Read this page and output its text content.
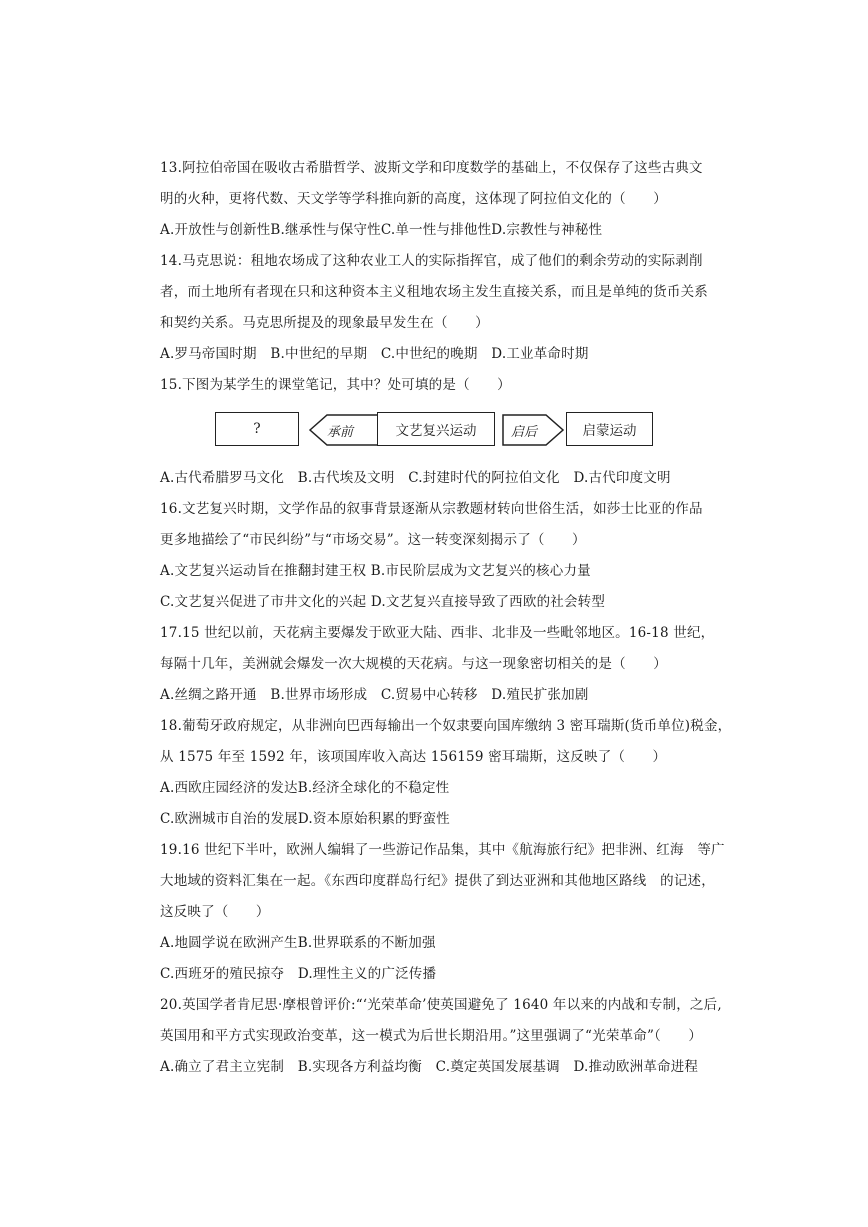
13.阿拉伯帝国在吸收古希腊哲学、波斯文学和印度数学的基础上，不仅保存了这些古典文
明的火种，更将代数、天文学等学科推向新的高度，这体现了阿拉伯文化的（　　）
A.开放性与创新性B.继承性与保守性C.单一性与排他性D.宗教性与神秘性
14.马克思说：租地农场成了这种农业工人的实际指挥官，成了他们的剩余劳动的实际剥削
者，而土地所有者现在只和这种资本主义租地农场主发生直接关系，而且是单纯的货币关系
和契约关系。马克思所提及的现象最早发生在（　　）
A.罗马帝国时期　B.中世纪的早期　C.中世纪的晚期　D.工业革命时期
15.下图为某学生的课堂笔记，其中？处可填的是（　　）
?	承前	文艺复兴运动	启后	启蒙运动
A.古代希腊罗马文化　B.古代埃及文明　C.封建时代的阿拉伯文化　D.古代印度文明
16.文艺复兴时期，文学作品的叙事背景逐渐从宗教题材转向世俗生活，如莎士比亚的作品
更多地描绘了“市民纠纷”与“市场交易”。这一转变深刻揭示了（　　）
A.文艺复兴运动旨在推翻封建王权 B.市民阶层成为文艺复兴的核心力量
C.文艺复兴促进了市井文化的兴起 D.文艺复兴直接导致了西欧的社会转型
17.15 世纪以前，天花病主要爆发于欧亚大陆、西非、北非及一些毗邻地区。16-18 世纪，
每隔十几年，美洲就会爆发一次大规模的天花病。与这一现象密切相关的是（　　）
A.丝绸之路开通　B.世界市场形成　C.贸易中心转移　D.殖民扩张加剧
18.葡萄牙政府规定，从非洲向巴西每输出一个奴隶要向国库缴纳 3 密耳瑞斯(货币单位)税金，
从 1575 年至 1592 年，该项国库收入高达 156159 密耳瑞斯，这反映了（　　）
A.西欧庄园经济的发达B.经济全球化的不稳定性
C.欧洲城市自治的发展D.资本原始积累的野蛮性
19.16 世纪下半叶，欧洲人编辑了一些游记作品集，其中《航海旅行纪》把非洲、红海　等广
大地域的资料汇集在一起。《东西印度群岛行纪》提供了到达亚洲和其他地区路线　的记述，
这反映了（　　）
A.地圆学说在欧洲产生B.世界联系的不断加强
C.西班牙的殖民掠夺　D.理性主义的广泛传播
20.英国学者肯尼思·摩根曾评价:“‘光荣革命’使英国避免了 1640 年以来的内战和专制，之后,
英国用和平方式实现政治变革，这一模式为后世长期沿用。”这里强调了“光荣革命”（　　）
A.确立了君主立宪制　B.实现各方利益均衡　C.奠定英国发展基调　D.推动欧洲革命进程
